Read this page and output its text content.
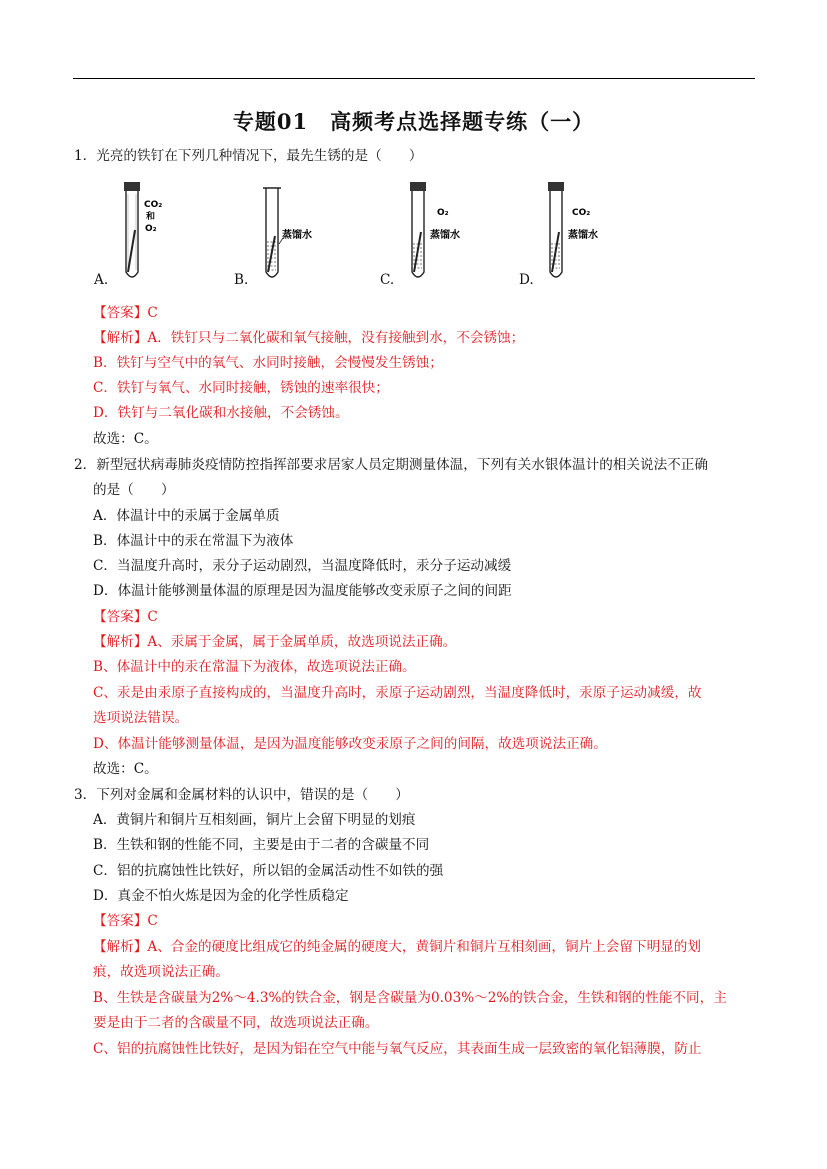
专题01　高频考点选择题专练（一）
1．光亮的铁钉在下列几种情况下，最先生锈的是（　　）
CO₂
和
O₂
蒸馏水
O₂
蒸馏水
CO₂
蒸馏水
A.	B.	C.	D.
【答案】C
【解析】A．铁钉只与二氧化碳和氧气接触，没有接触到水，不会锈蚀；
B．铁钉与空气中的氧气、水同时接触，会慢慢发生锈蚀；
C．铁钉与氧气、水同时接触，锈蚀的速率很快；
D．铁钉与二氧化碳和水接触，不会锈蚀。
故选：C。
2．新型冠状病毒肺炎疫情防控指挥部要求居家人员定期测量体温，下列有关水银体温计的相关说法不正确
的是（　　）
A．体温计中的汞属于金属单质
B．体温计中的汞在常温下为液体
C．当温度升高时，汞分子运动剧烈，当温度降低时，汞分子运动减缓
D．体温计能够测量体温的原理是因为温度能够改变汞原子之间的间距
【答案】C
【解析】A、汞属于金属，属于金属单质，故选项说法正确。
B、体温计中的汞在常温下为液体，故选项说法正确。
C、汞是由汞原子直接构成的，当温度升高时，汞原子运动剧烈，当温度降低时，汞原子运动减缓，故
选项说法错误。
D、体温计能够测量体温，是因为温度能够改变汞原子之间的间隔，故选项说法正确。
故选：C。
3．下列对金属和金属材料的认识中，错误的是（　　）
A．黄铜片和铜片互相刻画，铜片上会留下明显的划痕
B．生铁和钢的性能不同，主要是由于二者的含碳量不同
C．铝的抗腐蚀性比铁好，所以铝的金属活动性不如铁的强
D．真金不怕火炼是因为金的化学性质稳定
【答案】C
【解析】A、合金的硬度比组成它的纯金属的硬度大，黄铜片和铜片互相刻画，铜片上会留下明显的划
痕，故选项说法正确。
B、生铁是含碳量为2%～4.3%的铁合金，钢是含碳量为0.03%～2%的铁合金，生铁和钢的性能不同，主
要是由于二者的含碳量不同，故选项说法正确。
C、铝的抗腐蚀性比铁好，是因为铝在空气中能与氧气反应，其表面生成一层致密的氧化铝薄膜，防止
